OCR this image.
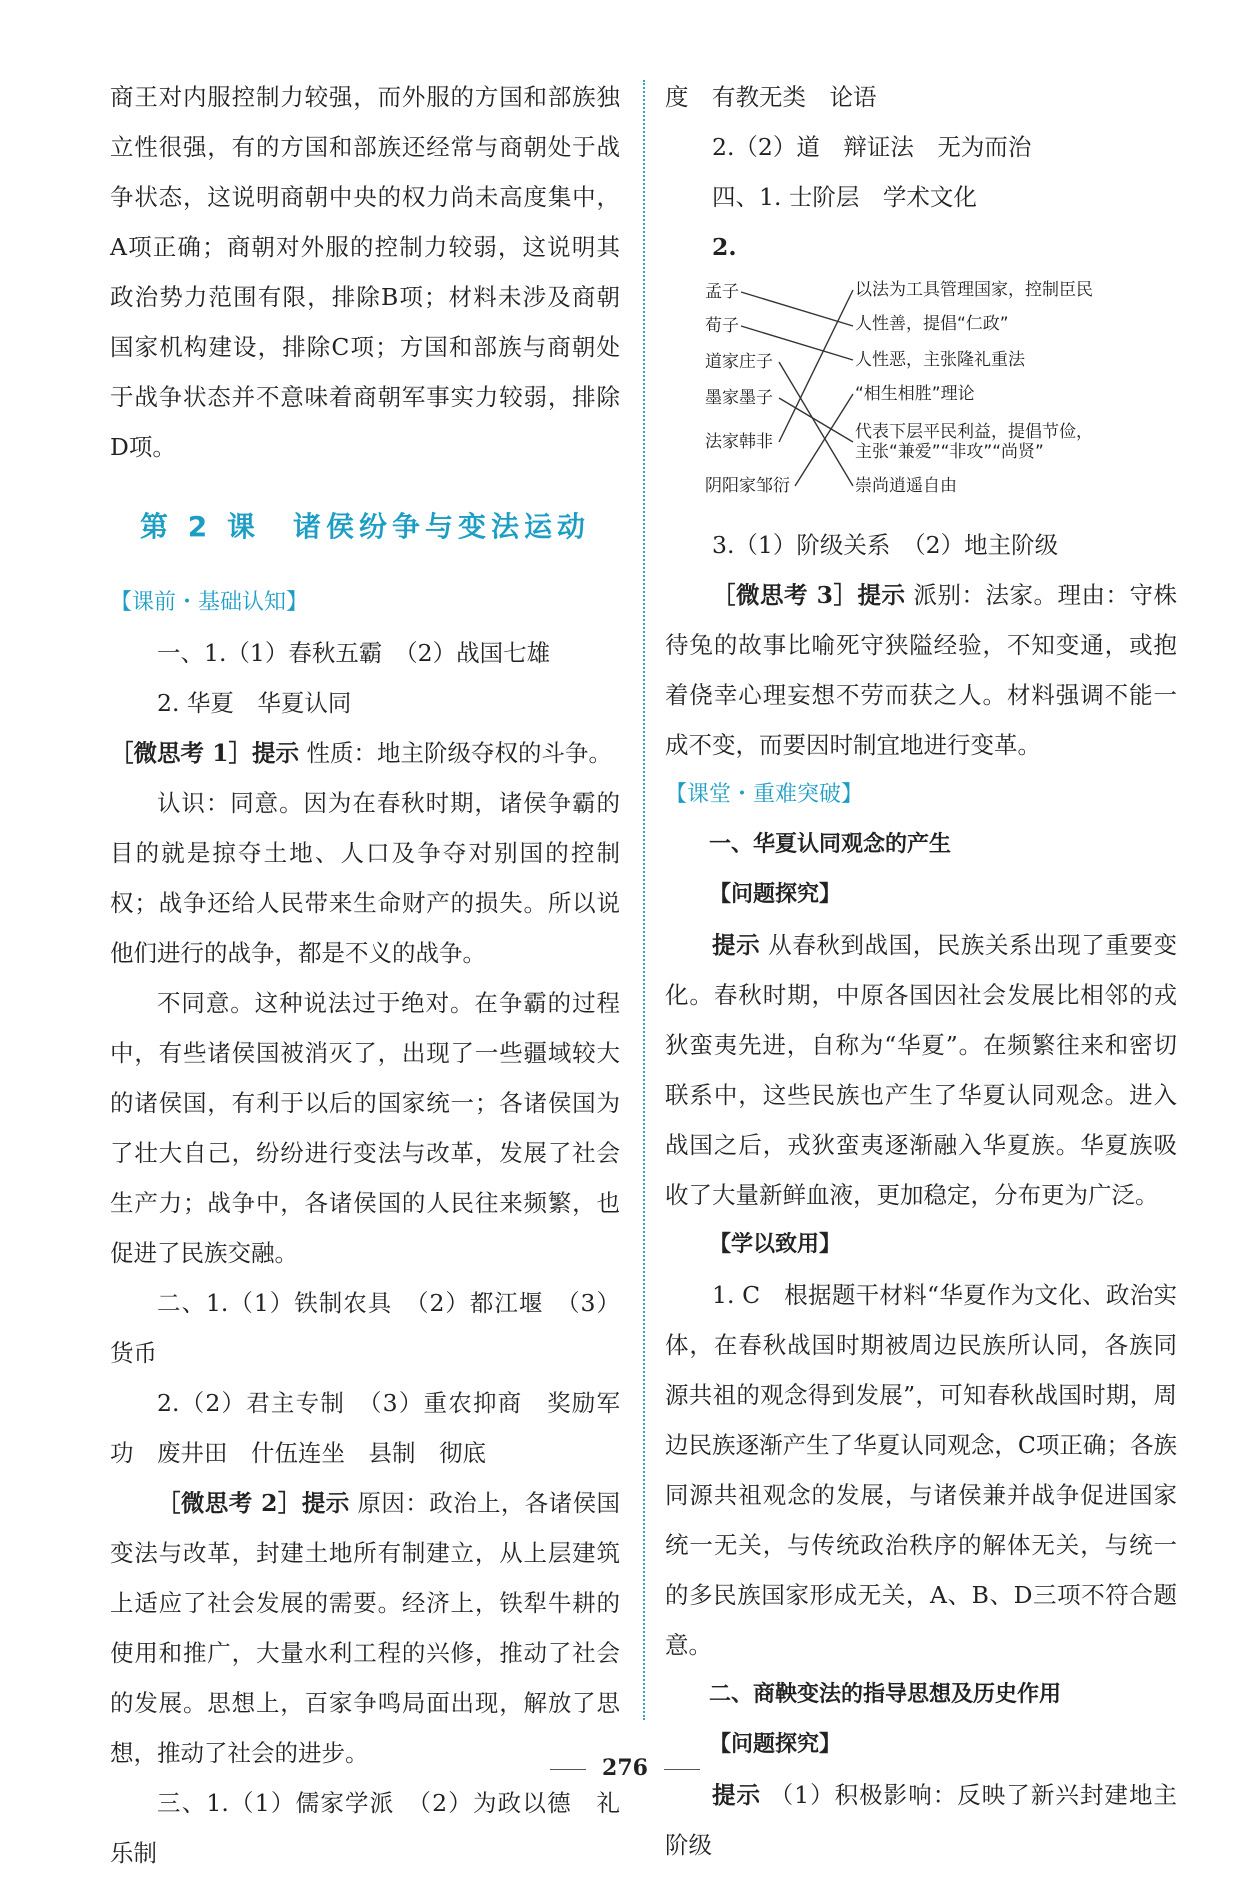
商王对内服控制力较强，而外服的方国和部族独立性很强，有的方国和部族还经常与商朝处于战争状态，这说明商朝中央的权力尚未高度集中，A项正确；商朝对外服的控制力较弱，这说明其政治势力范围有限，排除B项；材料未涉及商朝国家机构建设，排除C项；方国和部族与商朝处于战争状态并不意味着商朝军事实力较弱，排除D项。

第 2 课　诸侯纷争与变法运动

【课前・基础认知】

一、1.（1）春秋五霸　（2）战国七雄

2. 华夏　华夏认同

［微思考 1］提示 性质：地主阶级夺权的斗争。

认识：同意。因为在春秋时期，诸侯争霸的目的就是掠夺土地、人口及争夺对别国的控制权；战争还给人民带来生命财产的损失。所以说他们进行的战争，都是不义的战争。

不同意。这种说法过于绝对。在争霸的过程中，有些诸侯国被消灭了，出现了一些疆域较大的诸侯国，有利于以后的国家统一；各诸侯国为了壮大自己，纷纷进行变法与改革，发展了社会生产力；战争中，各诸侯国的人民往来频繁，也促进了民族交融。

二、1.（1）铁制农具　（2）都江堰　（3）货币

2.（2）君主专制　（3）重农抑商　奖励军功　废井田　什伍连坐　县制　彻底

［微思考 2］提示 原因：政治上，各诸侯国变法与改革，封建土地所有制建立，从上层建筑上适应了社会发展的需要。经济上，铁犁牛耕的使用和推广，大量水利工程的兴修，推动了社会的发展。思想上，百家争鸣局面出现，解放了思想，推动了社会的进步。

三、1.（1）儒家学派　（2）为政以德　礼乐制

度　有教无类　论语

2.（2）道　辩证法　无为而治

四、1. 士阶层　学术文化

2.

孟子
荀子
道家庄子
墨家墨子
法家韩非
阴阳家邹衍
以法为工具管理国家，控制臣民
人性善，提倡“仁政”
人性恶，主张隆礼重法
“相生相胜”理论
代表下层平民利益，提倡节俭，
主张“兼爱”“非攻”“尚贤”
崇尚逍遥自由

3.（1）阶级关系　（2）地主阶级

［微思考 3］提示 派别：法家。理由：守株待兔的故事比喻死守狭隘经验，不知变通，或抱着侥幸心理妄想不劳而获之人。材料强调不能一成不变，而要因时制宜地进行变革。

【课堂・重难突破】

一、华夏认同观念的产生

【问题探究】

提示 从春秋到战国，民族关系出现了重要变化。春秋时期，中原各国因社会发展比相邻的戎狄蛮夷先进，自称为“华夏”。在频繁往来和密切联系中，这些民族也产生了华夏认同观念。进入战国之后，戎狄蛮夷逐渐融入华夏族。华夏族吸收了大量新鲜血液，更加稳定，分布更为广泛。

【学以致用】

1. C　根据题干材料“华夏作为文化、政治实体，在春秋战国时期被周边民族所认同，各族同源共祖的观念得到发展”，可知春秋战国时期，周边民族逐渐产生了华夏认同观念，C项正确；各族同源共祖观念的发展，与诸侯兼并战争促进国家统一无关，与传统政治秩序的解体无关，与统一的多民族国家形成无关，A、B、D三项不符合题意。

二、商鞅变法的指导思想及历史作用

【问题探究】

提示 （1）积极影响：反映了新兴封建地主阶级

276
